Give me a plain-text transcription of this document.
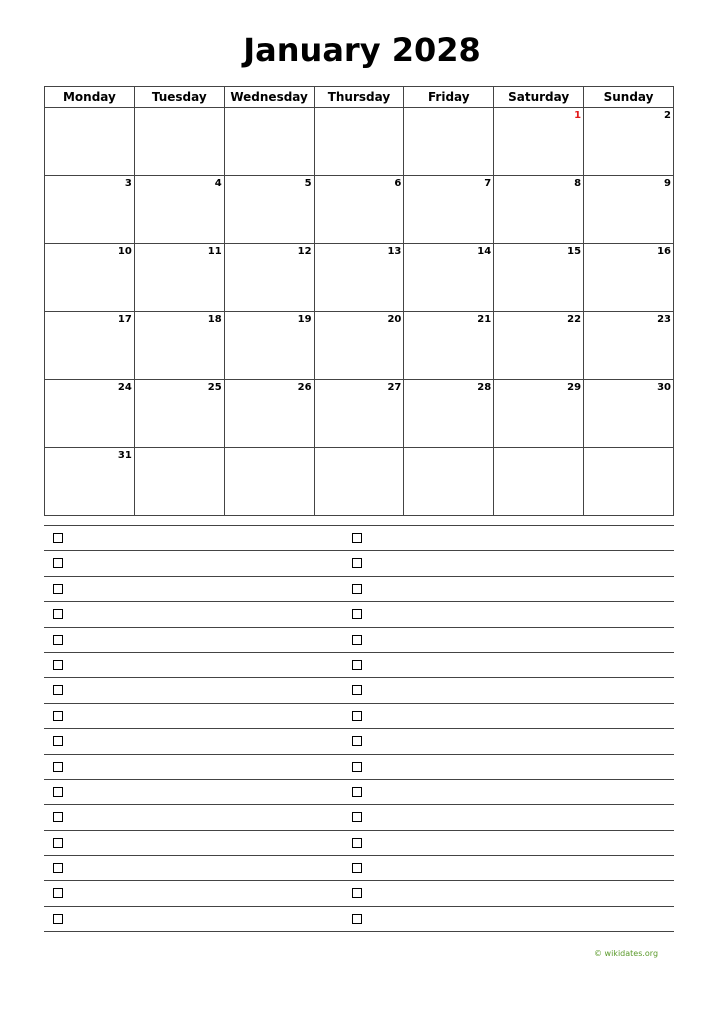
January 2028
Monday	Tuesday	Wednesday	Thursday	Friday	Saturday	Sunday

					1	2

3	4	5	6	7	8	9

10	11	12	13	14	15	16

17	18	19	20	21	22	23

24	25	26	27	28	29	30

31						

© wikidates.org
